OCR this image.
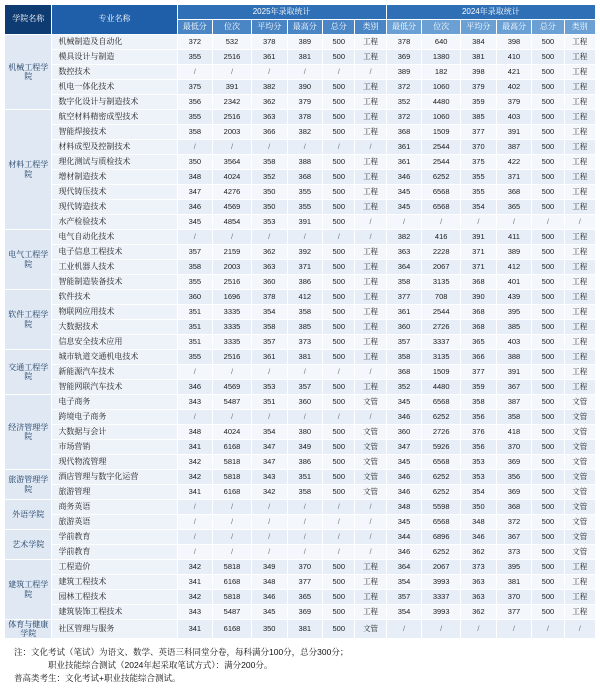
学院名称	专业名称	2025年录取统计						2024年录取统计					
		最低分	位次	平均分	最高分	总分	类别	最低分	位次	平均分	最高分	总分	类别
机械工程学院	机械制造及自动化	372	532	378	389	500	工程	378	640	384	398	500	工程
	模具设计与制造	355	2516	361	381	500	工程	369	1380	381	410	500	工程
	数控技术	/	/	/	/	/	/	389	182	398	421	500	工程
	机电一体化技术	375	391	382	390	500	工程	372	1060	379	402	500	工程
	数字化设计与制造技术	356	2342	362	379	500	工程	352	4480	359	379	500	工程
材料工程学院	航空材料精密成型技术	355	2516	363	378	500	工程	372	1060	385	403	500	工程
	智能焊接技术	358	2003	366	382	500	工程	368	1509	377	391	500	工程
	材料成型及控制技术	/	/	/	/	/	/	361	2544	370	387	500	工程
	理化测试与质检技术	350	3564	358	388	500	工程	361	2544	375	422	500	工程
	增材制造技术	348	4024	352	368	500	工程	346	6252	355	371	500	工程
	现代铸压技术	347	4276	350	355	500	工程	345	6568	355	368	500	工程
	现代铸造技术	346	4569	350	355	500	工程	345	6568	354	365	500	工程
	水产检验技术	345	4854	353	391	500	/	/	/	/	/	/	/
电气工程学院	电气自动化技术	/	/	/	/	/	/	382	416	391	411	500	工程
	电子信息工程技术	357	2159	362	392	500	工程	363	2228	371	389	500	工程
	工业机器人技术	358	2003	363	371	500	工程	364	2067	371	412	500	工程
	智能制造装备技术	355	2516	360	386	500	工程	358	3135	368	401	500	工程
软件工程学院	软件技术	360	1696	378	412	500	工程	377	708	390	439	500	工程
	物联网应用技术	351	3335	354	358	500	工程	361	2544	368	395	500	工程
	大数据技术	351	3335	358	385	500	工程	360	2726	368	385	500	工程
	信息安全技术应用	351	3335	357	373	500	工程	357	3337	365	403	500	工程
交通工程学院	城市轨道交通机电技术	355	2516	361	381	500	工程	358	3135	366	388	500	工程
	新能源汽车技术	/	/	/	/	/	/	368	1509	377	391	500	工程
	智能网联汽车技术	346	4569	353	357	500	工程	352	4480	359	367	500	工程
经济管理学院	电子商务	343	5487	351	360	500	文管	345	6568	358	387	500	文管
	跨境电子商务	/	/	/	/	/	/	346	6252	356	358	500	文管
	大数据与会计	348	4024	354	380	500	文管	360	2726	376	418	500	文管
	市场营销	341	6168	347	349	500	文管	347	5926	356	370	500	文管
	现代物流管理	342	5818	347	386	500	文管	345	6568	353	369	500	文管
旅游管理学院	酒店管理与数字化运营	342	5818	343	351	500	文管	346	6252	353	356	500	文管
	旅游管理	341	6168	342	358	500	文管	346	6252	354	369	500	文管
外语学院	商务英语	/	/	/	/	/	/	348	5598	350	368	500	文管
	旅游英语	/	/	/	/	/	/	345	6568	348	372	500	文管
艺术学院	学前教育	/	/	/	/	/	/	344	6896	346	367	500	文管
	学前教育	/	/	/	/	/	/	346	6252	362	373	500	文管
建筑工程学院	工程造价	342	5818	349	370	500	工程	364	2067	373	395	500	工程
	建筑工程技术	341	6168	348	377	500	工程	354	3993	363	381	500	工程
	园林工程技术	342	5818	346	365	500	工程	357	3337	363	370	500	工程
	建筑装饰工程技术	343	5487	345	369	500	工程	354	3993	362	377	500	工程
体育与健康学院	社区管理与服务	341	6168	350	381	500	文管	/	/	/	/	/	/
注：文化考试（笔试）为语文、数学、英语三科同堂分卷，每科满分100分，总分300分；
职业技能综合测试（2024年起采取笔试方式）：满分200分。
普高类考生：文化考试+职业技能综合测试。
